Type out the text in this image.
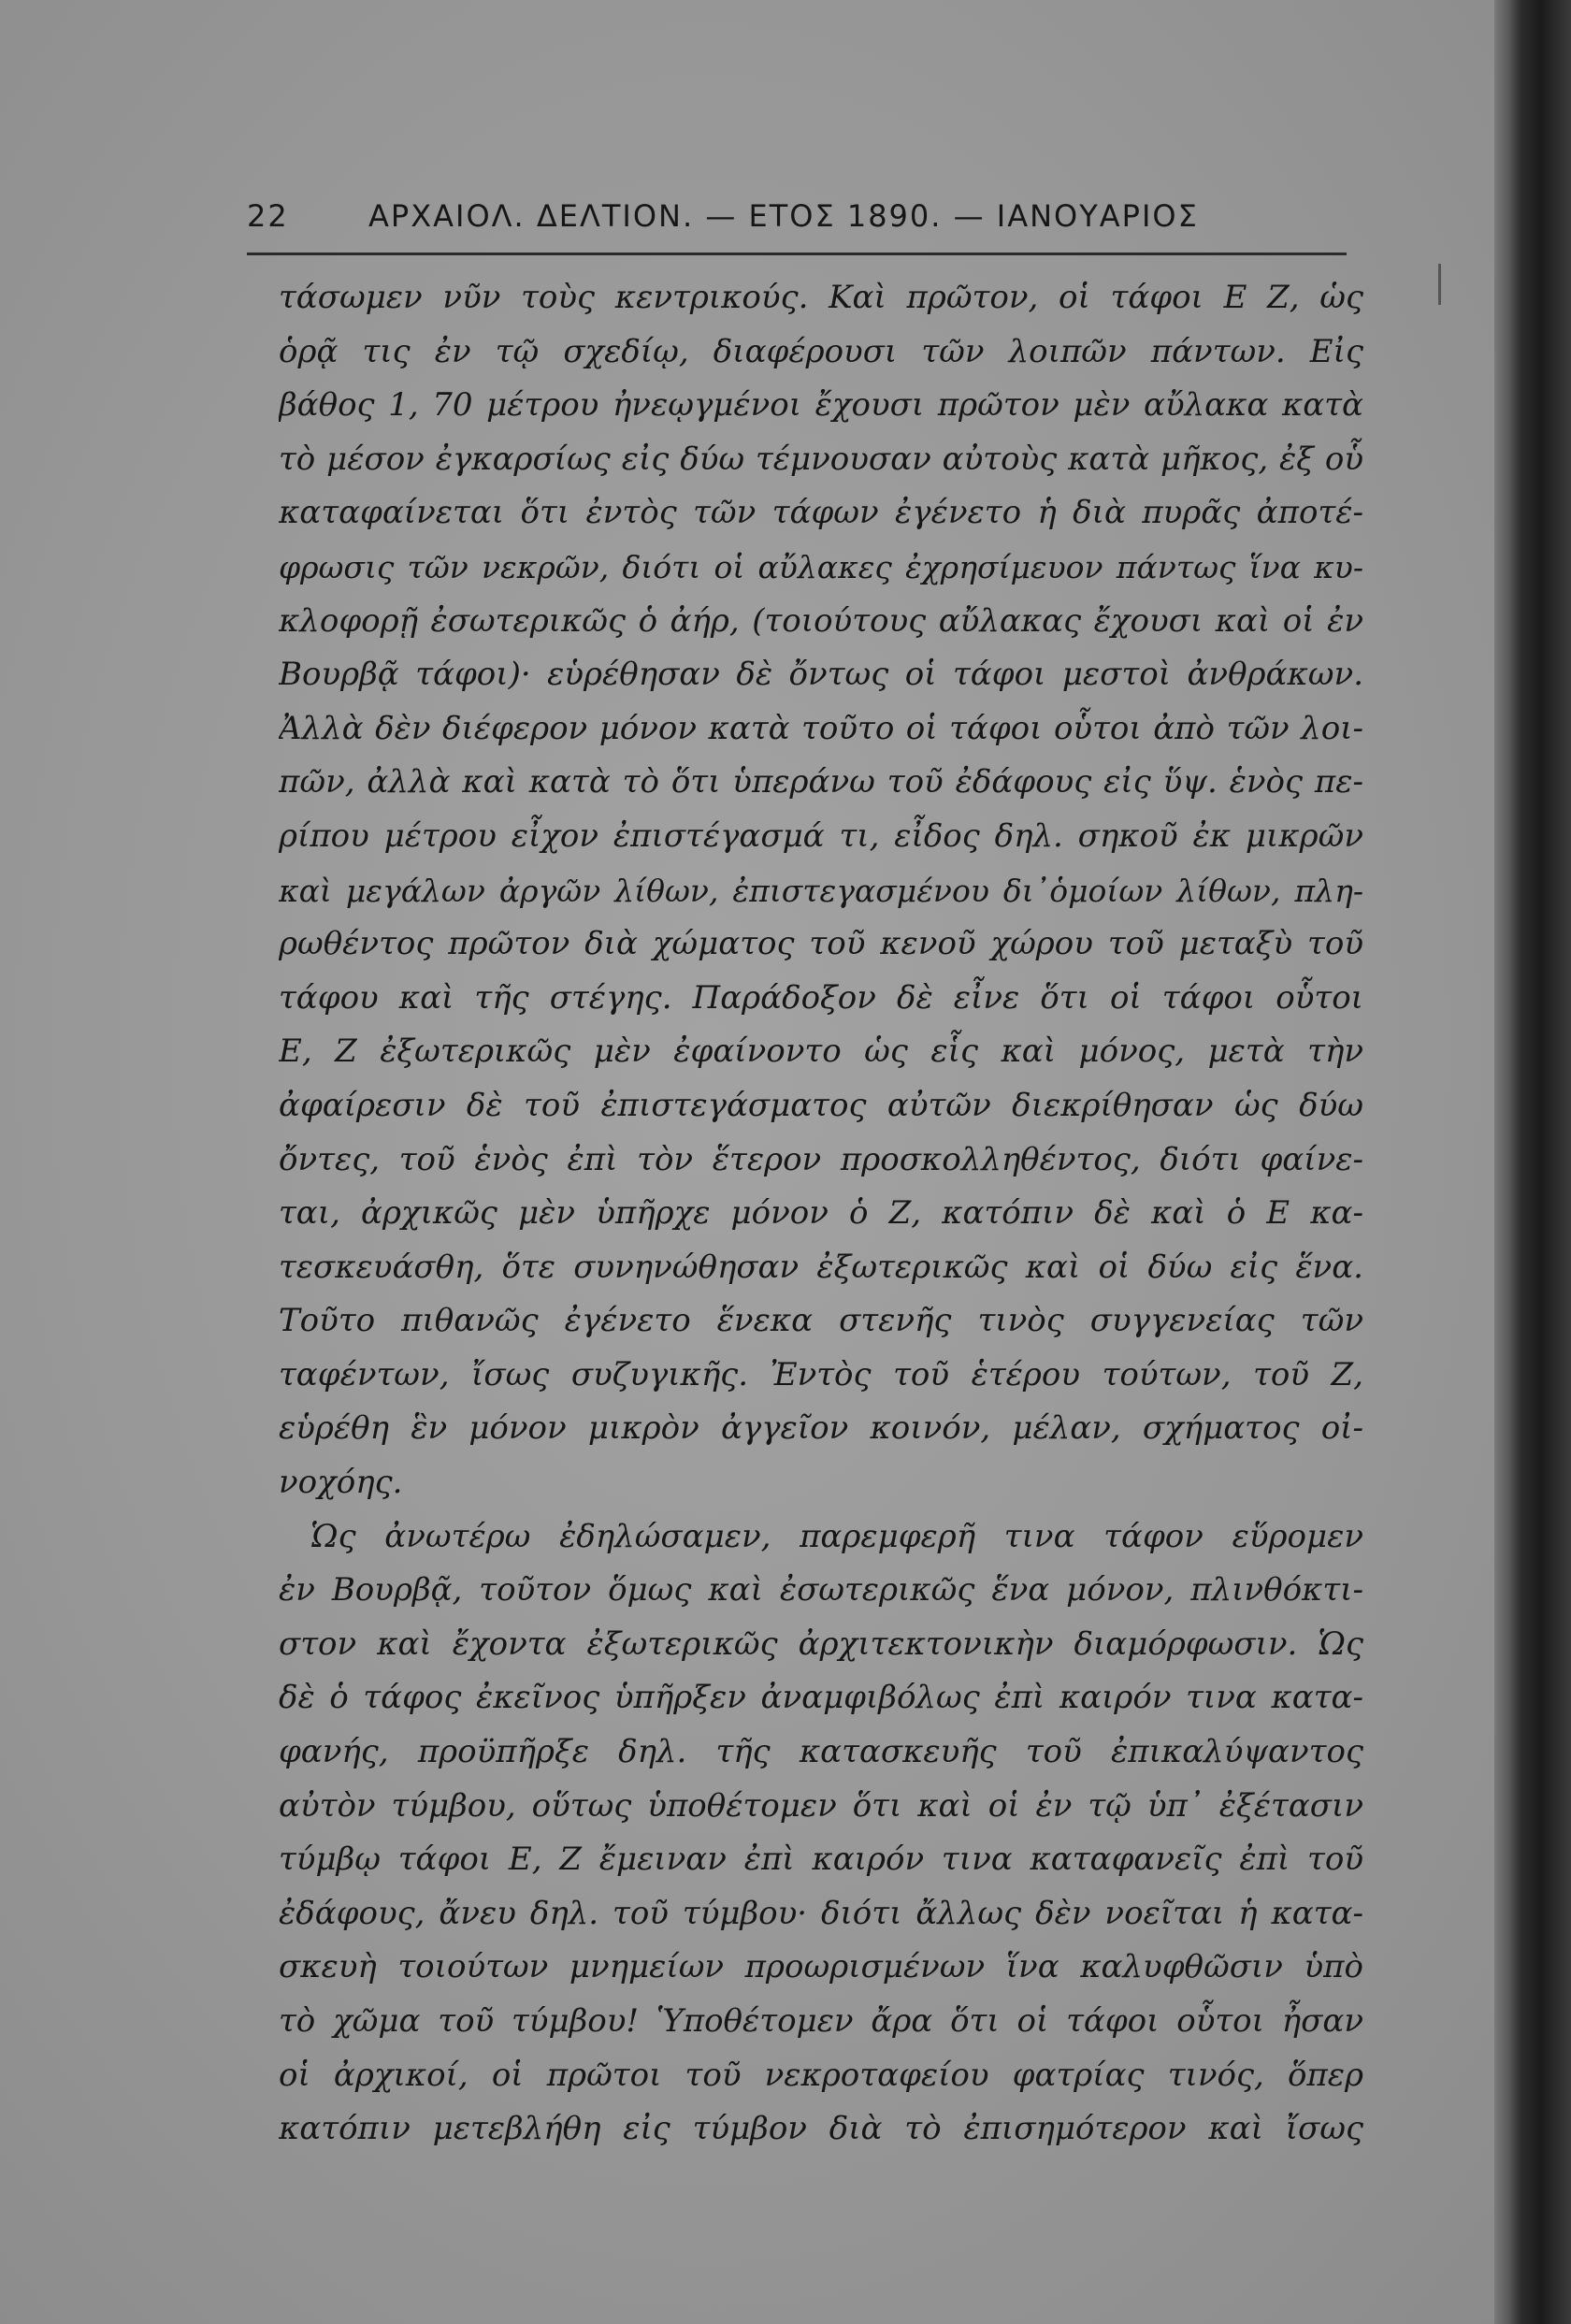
22	ΑΡΧΑΙΟΛ. ΔΕΛΤΙΟΝ. — ΕΤΟΣ 1890. — ΙΑΝΟΥΑΡΙΟΣ
τάσωμεν νῦν τοὺς κεντρικούς. Καὶ πρῶτον, οἱ τάφοι Ε Ζ, ὡς
ὁρᾷ τις ἐν τῷ σχεδίῳ, διαφέρουσι τῶν λοιπῶν πάντων. Εἰς
βάθος 1, 70 μέτρου ἠνεῳγμένοι ἔχουσι πρῶτον μὲν αὔλακα κατὰ
τὸ μέσον ἐγκαρσίως εἰς δύω τέμνουσαν αὐτοὺς κατὰ μῆκος, ἐξ οὗ
καταφαίνεται ὅτι ἐντὸς τῶν τάφων ἐγένετο ἡ διὰ πυρᾶς ἀποτέ-
φρωσις τῶν νεκρῶν, διότι οἱ αὔλακες ἐχρησίμευον πάντως ἵνα κυ-
κλοφορῇ ἐσωτερικῶς ὁ ἀήρ, (τοιούτους αὔλακας ἔχουσι καὶ οἱ ἐν
Βουρβᾷ τάφοι)· εὑρέθησαν δὲ ὄντως οἱ τάφοι μεστοὶ ἀνθράκων.
Ἀλλὰ δὲν διέφερον μόνον κατὰ τοῦτο οἱ τάφοι οὗτοι ἀπὸ τῶν λοι-
πῶν, ἀλλὰ καὶ κατὰ τὸ ὅτι ὑπεράνω τοῦ ἐδάφους εἰς ὕψ. ἑνὸς πε-
ρίπου μέτρου εἶχον ἐπιστέγασμά τι, εἶδος δηλ. σηκοῦ ἐκ μικρῶν
καὶ μεγάλων ἀργῶν λίθων, ἐπιστεγασμένου δι᾽ὁμοίων λίθων, πλη-
ρωθέντος πρῶτον διὰ χώματος τοῦ κενοῦ χώρου τοῦ μεταξὺ τοῦ
τάφου καὶ τῆς στέγης. Παράδοξον δὲ εἶνε ὅτι οἱ τάφοι οὗτοι
Ε, Ζ ἐξωτερικῶς μὲν ἐφαίνοντο ὡς εἷς καὶ μόνος, μετὰ τὴν
ἀφαίρεσιν δὲ τοῦ ἐπιστεγάσματος αὐτῶν διεκρίθησαν ὡς δύω
ὄντες, τοῦ ἑνὸς ἐπὶ τὸν ἕτερον προσκολληθέντος, διότι φαίνε-
ται, ἀρχικῶς μὲν ὑπῆρχε μόνον ὁ Ζ, κατόπιν δὲ καὶ ὁ Ε κα-
τεσκευάσθη, ὅτε συνηνώθησαν ἐξωτερικῶς καὶ οἱ δύω εἰς ἕνα.
Τοῦτο πιθανῶς ἐγένετο ἕνεκα στενῆς τινὸς συγγενείας τῶν
ταφέντων, ἴσως συζυγικῆς. Ἐντὸς τοῦ ἑτέρου τούτων, τοῦ Ζ,
εὑρέθη ἓν μόνον μικρὸν ἀγγεῖον κοινόν, μέλαν, σχήματος οἰ-
νοχόης.
Ὡς ἀνωτέρω ἐδηλώσαμεν, παρεμφερῆ τινα τάφον εὕρομεν
ἐν Βουρβᾷ, τοῦτον ὅμως καὶ ἐσωτερικῶς ἕνα μόνον, πλινθόκτι-
στον καὶ ἔχοντα ἐξωτερικῶς ἀρχιτεκτονικὴν διαμόρφωσιν. Ὡς
δὲ ὁ τάφος ἐκεῖνος ὑπῆρξεν ἀναμφιβόλως ἐπὶ καιρόν τινα κατα-
φανής, προϋπῆρξε δηλ. τῆς κατασκευῆς τοῦ ἐπικαλύψαντος
αὐτὸν τύμβου, οὕτως ὑποθέτομεν ὅτι καὶ οἱ ἐν τῷ ὑπ᾽ ἐξέτασιν
τύμβῳ τάφοι Ε, Ζ ἔμειναν ἐπὶ καιρόν τινα καταφανεῖς ἐπὶ τοῦ
ἐδάφους, ἄνευ δηλ. τοῦ τύμβου· διότι ἄλλως δὲν νοεῖται ἡ κατα-
σκευὴ τοιούτων μνημείων προωρισμένων ἵνα καλυφθῶσιν ὑπὸ
τὸ χῶμα τοῦ τύμβου! Ὑποθέτομεν ἄρα ὅτι οἱ τάφοι οὗτοι ἦσαν
οἱ ἀρχικοί, οἱ πρῶτοι τοῦ νεκροταφείου φατρίας τινός, ὅπερ
κατόπιν μετεβλήθη εἰς τύμβον διὰ τὸ ἐπισημότερον καὶ ἴσως
